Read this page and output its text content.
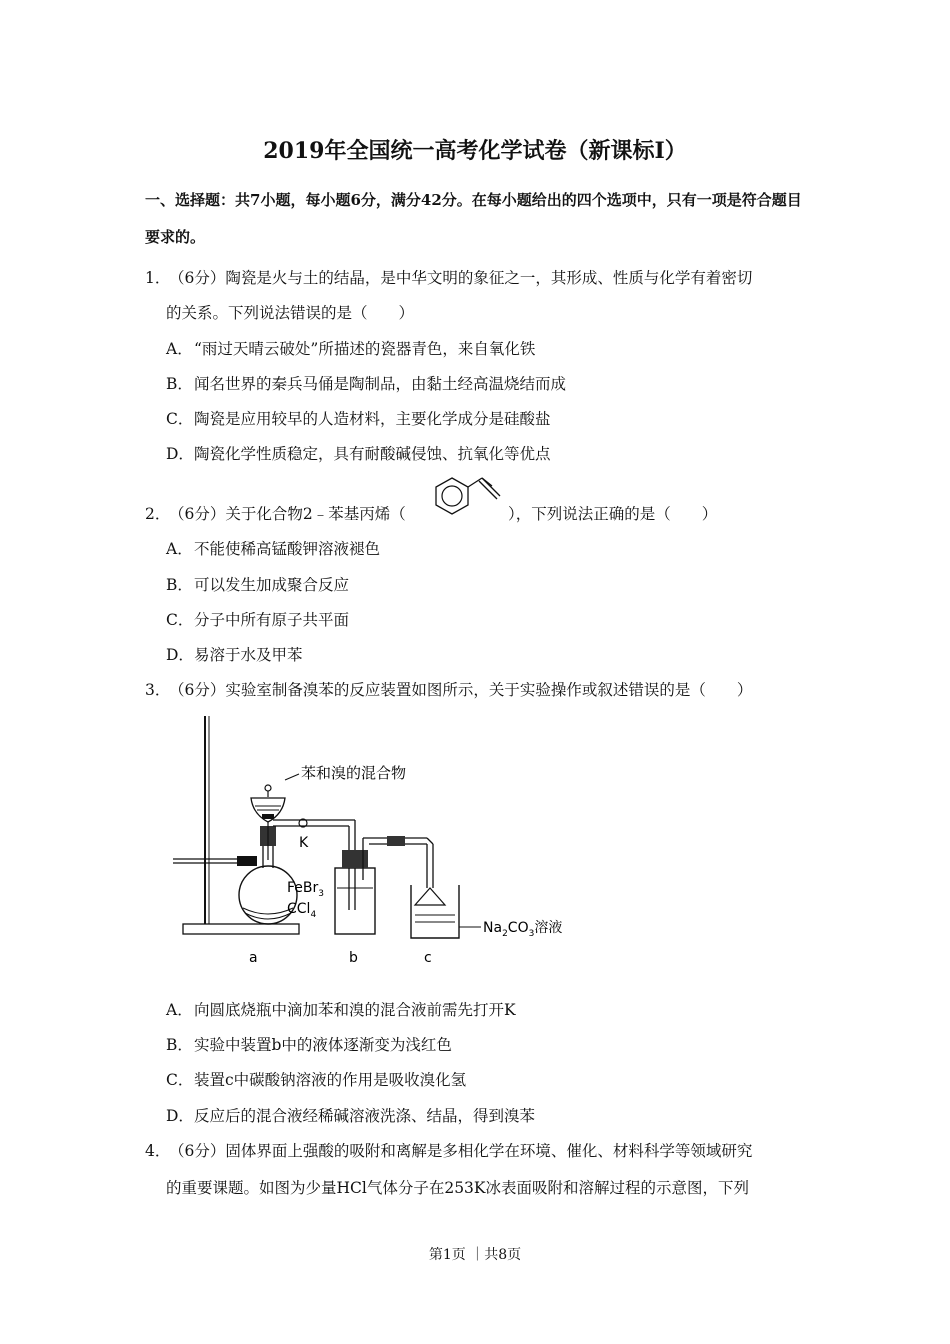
2019年全国统一高考化学试卷（新课标Ⅰ）
一、选择题：共7小题，每小题6分，满分42分。在每小题给出的四个选项中，只有一项是符合题目要求的。
1．（6分）陶瓷是火与土的结晶，是中华文明的象征之一，其形成、性质与化学有着密切
的关系。下列说法错误的是（　　）
A．“雨过天晴云破处”所描述的瓷器青色，来自氧化铁
B．闻名世界的秦兵马俑是陶制品，由黏土经高温烧结而成
C．陶瓷是应用较早的人造材料，主要化学成分是硅酸盐
D．陶瓷化学性质稳定，具有耐酸碱侵蚀、抗氧化等优点
2．（6分）关于化合物2﹣苯基丙烯（	），下列说法正确的是（　　）
A．不能使稀高锰酸钾溶液褪色
B．可以发生加成聚合反应
C．分子中所有原子共平面
D．易溶于水及甲苯
3．（6分）实验室制备溴苯的反应装置如图所示，关于实验操作或叙述错误的是（　　）
苯和溴的混合物
K
FeBr$_3$
CCl$_4$
$Na_2CO_3$溶液
a	b	c
A．向圆底烧瓶中滴加苯和溴的混合液前需先打开K
B．实验中装置b中的液体逐渐变为浅红色
C．装置c中碳酸钠溶液的作用是吸收溴化氢
D．反应后的混合液经稀碱溶液洗涤、结晶，得到溴苯
4．（6分）固体界面上强酸的吸附和离解是多相化学在环境、催化、材料科学等领域研究
的重要课题。如图为少量HCl气体分子在253K冰表面吸附和溶解过程的示意图，下列
第1页 ｜共8页
